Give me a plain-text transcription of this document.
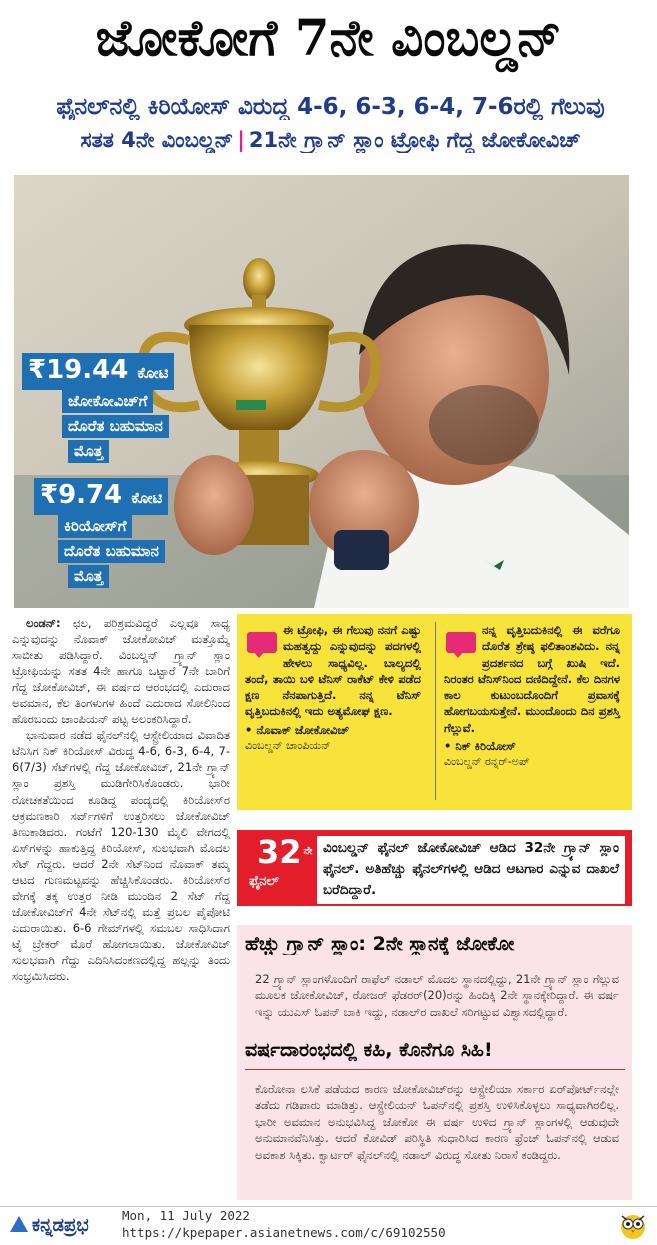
ಜೋಕೋಗೆ 7ನೇ ವಿಂಬಲ್ಡನ್
ಫೈನಲ್‌ನಲ್ಲಿ ಕಿರಿಯೋಸ್ ವಿರುದ್ಧ 4-6, 6-3, 6-4, 7-6ರಲ್ಲಿ ಗೆಲುವು
ಸತತ 4ನೇ ವಿಂಬಲ್ಡನ್ | 21ನೇ ಗ್ರ್ಯಾನ್ ಸ್ಲಾಂ ಟ್ರೋಫಿ ಗೆದ್ದ ಜೋಕೋವಿಚ್
₹19.44 ಕೋಟಿ
ಜೋಕೋವಿಚ್‌ಗೆ
ದೊರೆತ ಬಹುಮಾನ
ಮೊತ್ತ
₹9.74 ಕೋಟಿ
ಕಿರಿಯೋಸ್‌ಗೆ
ದೊರೆತ ಬಹುಮಾನ
ಮೊತ್ತ

ಲಂಡನ್: ಛಲ, ಪರಿಶ್ರಮವಿದ್ದರೆ ಎಲ್ಲವೂ ಸಾಧ್ಯ ಎನ್ನುವುದನ್ನು ನೊವಾಕ್ ಜೋಕೋವಿಚ್ ಮತ್ತೊಮ್ಮೆ ಸಾಬೀತು ಪಡಿಸಿದ್ದಾರೆ. ವಿಂಬಲ್ಡನ್ ಗ್ರ್ಯಾನ್ ಸ್ಲಾಂ ಟ್ರೋಫಿಯನ್ನು ಸತತ 4ನೇ ಹಾಗೂ ಒಟ್ಟಾರೆ 7ನೇ ಬಾರಿಗೆ ಗೆದ್ದ ಜೋಕೋವಿಚ್, ಈ ವರ್ಷದ ಆರಂಭದಲ್ಲಿ ಎದುರಾದ ಅವಮಾನ, ಕೆಲ ತಿಂಗಳುಗಳ ಹಿಂದೆ ಎದುರಾದ ಸೋಲಿನಿಂದ ಹೊರಬಂದು ಚಾಂಪಿಯನ್ ಪಟ್ಟ ಅಲಂಕರಿಸಿದ್ದಾರೆ.

ಭಾನುವಾರ ನಡೆದ ಫೈನಲ್‌ನಲ್ಲಿ ಆಸ್ಟ್ರೇಲಿಯಾದ ವಿವಾದಿತ ಟೆನಿಸಿಗ ನಿಕ್ ಕಿರಿಯೋಸ್ ವಿರುದ್ಧ 4-6, 6-3, 6-4, 7-6(7/3) ಸೆಟ್‌ಗಳಲ್ಲಿ ಗೆದ್ದ ಜೋಕೋವಿಚ್, 21ನೇ ಗ್ರ್ಯಾನ್ ಸ್ಲಾಂ ಪ್ರಶಸ್ತಿ ಮುಡಿಗೇರಿಸಿಕೊಂಡರು. ಭಾರೀ ರೋಚಕತೆಯಿಂದ ಕೂಡಿದ್ದ ಪಂದ್ಯದಲ್ಲಿ ಕಿರಿಯೋಸ್‌ರ ಆಕ್ರಮಣಕಾರಿ ಸರ್ವ್‌ಗಳಿಗೆ ಉತ್ತರಿಸಲು ಜೋಕೋವಿಚ್ ತಿಣುಕಾಡಿದರು. ಗಂಟೆಗೆ 120-130 ಮೈಲಿ ವೇಗದಲ್ಲಿ ಏಸ್‌ಗಳನ್ನು ಹಾಕುತ್ತಿದ್ದ ಕಿರಿಯೋಸ್, ಸುಲಭವಾಗಿ ಮೊದಲ ಸೆಟ್ ಗೆದ್ದರು. ಆದರೆ 2ನೇ ಸೆಟ್‌ನಿಂದ ನೊವಾಕ್ ತಮ್ಮ ಆಟದ ಗುಣಮಟ್ಟವನ್ನು ಹೆಚ್ಚಿಸಿಕೊಂಡರು. ಕಿರಿಯೋಸ್‌ರ ವೇಗಕ್ಕೆ ತಕ್ಕ ಉತ್ತರ ನೀಡಿ ಮುಂದಿನ 2 ಸೆಟ್ ಗೆದ್ದ ಜೋಕೋವಿಚ್‌ಗೆ 4ನೇ ಸೆಟ್‌ನಲ್ಲಿ ಮತ್ತೆ ಪ್ರಬಲ ಪೈಪೋಟಿ ಎದುರಾಯಿತು. 6-6 ಗೇಮ್‌ಗಳಲ್ಲಿ ಸಮಬಲ ಸಾಧಿಸಿದಾಗ ಟೈ ಬ್ರೇಕರ್ ಮೊರೆ ಹೋಗಲಾಯಿತು. ಜೋಕೋವಿಚ್ ಸುಲಭವಾಗಿ ಗೆದ್ದು ಎದಿನಿಸಿದಂಕಣದಲ್ಲಿದ್ದ ಹಲ್ಲನ್ನು ತಿಂದು ಸಂಭ್ರಮಿಸಿದರು.

ಈ ಟ್ರೋಫಿ, ಈ ಗೆಲುವು ನನಗೆ ಎಷ್ಟು ಮಹತ್ವದ್ದು ಎನ್ನುವುದನ್ನು ಪದಗಳಲ್ಲಿ ಹೇಳಲು ಸಾಧ್ಯವಿಲ್ಲ. ಬಾಲ್ಯದಲ್ಲಿ ತಂದೆ, ತಾಯಿ ಬಳಿ ಟೆನಿಸ್ ರಾಕೆಟ್ ಕೇಳಿ ಪಡೆದ ಕ್ಷಣ ನೆನಪಾಗುತ್ತಿದೆ. ನನ್ನ ಟೆನಿಸ್ ವೃತ್ತಿಬದುಕಿನಲ್ಲಿ ಇದು ಅತ್ಯಮೋಘ ಕ್ಷಣ.
• ನೊವಾಕ್ ಜೋಕೋವಿಚ್
ವಿಂಬಲ್ಡನ್ ಚಾಂಪಿಯನ್
ನನ್ನ ವೃತ್ತಿಬದುಕಿನಲ್ಲಿ ಈ ವರೆಗೂ ದೊರೆತ ಶ್ರೇಷ್ಠ ಫಲಿತಾಂಶವಿದು. ನನ್ನ ಪ್ರದರ್ಶನದ ಬಗ್ಗೆ ಖುಷಿ ಇದೆ. ನಿರಂತರ ಟೆನಿಸ್‌ನಿಂದ ದಣಿದಿದ್ದೇನೆ. ಕೆಲ ದಿನಗಳ ಕಾಲ ಕುಟುಂಬದೊಂದಿಗೆ ಪ್ರವಾಸಕ್ಕೆ ಹೋಗಬಯಸುತ್ತೇನೆ. ಮುಂದೊಂದು ದಿನ ಪ್ರಶಸ್ತಿ ಗೆಲ್ಲುವೆ.
• ನಿಕ್ ಕಿರಿಯೋಸ್
ವಿಂಬಲ್ಡನ್ ರನ್ನರ್-ಅಪ್
32 $^{ನೇ}$
ಫೈನಲ್
ವಿಂಬಲ್ಡನ್ ಫೈನಲ್ ಜೋಕೋವಿಚ್ ಆಡಿದ 32ನೇ ಗ್ರ್ಯಾನ್ ಸ್ಲಾಂ ಫೈನಲ್. ಅತಿಹೆಚ್ಚು ಫೈನಲ್‌ಗಳಲ್ಲಿ ಆಡಿದ ಆಟಗಾರ ಎನ್ನುವ ದಾಖಲೆ ಬರೆದಿದ್ದಾರೆ.
ಹೆಚ್ಚು ಗ್ರ್ಯಾನ್ ಸ್ಲಾಂ: 2ನೇ ಸ್ಥಾನಕ್ಕೆ ಜೋಕೋ
22 ಗ್ರ್ಯಾನ್ ಸ್ಲಾಂಗಳೊಂದಿಗೆ ರಾಫೆಲ್ ನಡಾಲ್ ಮೊದಲ ಸ್ಥಾನದಲ್ಲಿದ್ದು, 21ನೇ ಗ್ರ್ಯಾನ್ ಸ್ಲಾಂ ಗೆಲ್ಲುವ ಮೂಲಕ ಜೋಕೋವಿಚ್, ರೋಜರ್ ಫೆಡರರ್(20)ರನ್ನು ಹಿಂದಿಕ್ಕಿ 2ನೇ ಸ್ಥಾನಕ್ಕೇರಿದ್ದಾರೆ. ಈ ವರ್ಷ ಇನ್ನು ಯುಎಸ್ ಓಪನ್ ಬಾಕಿ ಇದ್ದು, ನಡಾಲ್‌ರ ದಾಖಲೆ ಸರಿಗಟ್ಟುವ ವಿಶ್ವಾಸದಲ್ಲಿದ್ದಾರೆ.
ವರ್ಷದಾರಂಭದಲ್ಲಿ ಕಹಿ, ಕೊನೆಗೂ ಸಿಹಿ!
ಕೊರೋನಾ ಲಸಿಕೆ ಪಡೆಯದ ಕಾರಣ ಜೋಕೋವಿಚ್‌ರನ್ನು ಆಸ್ಟ್ರೇಲಿಯಾ ಸರ್ಕಾರ ಏರ್‌ಪೋರ್ಟ್‌ನಲ್ಲೇ ತಡೆದು ಗಡಿಪಾರು ಮಾಡಿತ್ತು. ಆಸ್ಟ್ರೇಲಿಯನ್ ಓಪನ್‌ನಲ್ಲಿ ಪ್ರಶಸ್ತಿ ಉಳಿಸಿಕೊಳ್ಳಲು ಸಾಧ್ಯವಾಗಿರಲಿಲ್ಲ. ಭಾರೀ ಅವಮಾನ ಅನುಭವಿಸಿದ್ದ ಜೋಕೋ ಈ ವರ್ಷ ಉಳಿದ ಗ್ರ್ಯಾನ್ ಸ್ಲಾಂಗಳಲ್ಲಿ ಆಡುವುದೇ ಅನುಮಾನವೆನಿಸಿತ್ತು. ಆದರೆ ಕೋವಿಡ್ ಪರಿಸ್ಥಿತಿ ಸುಧಾರಿಸಿದ ಕಾರಣ ಫ್ರೆಂಚ್ ಓಪನ್‌ನಲ್ಲಿ ಆಡುವ ಅವಕಾಶ ಸಿಕ್ಕಿತು. ಕ್ವಾರ್ಟರ್ ಫೈನಲ್‌ನಲ್ಲಿ ನಡಾಲ್ ವಿರುದ್ಧ ಸೋತು ನಿರಾಸೆ ಕಂಡಿದ್ದರು.
ಕನ್ನಡಪ್ರಭ	Mon, 11 July 2022
https://kpepaper.asianetnews.com/c/69102550
